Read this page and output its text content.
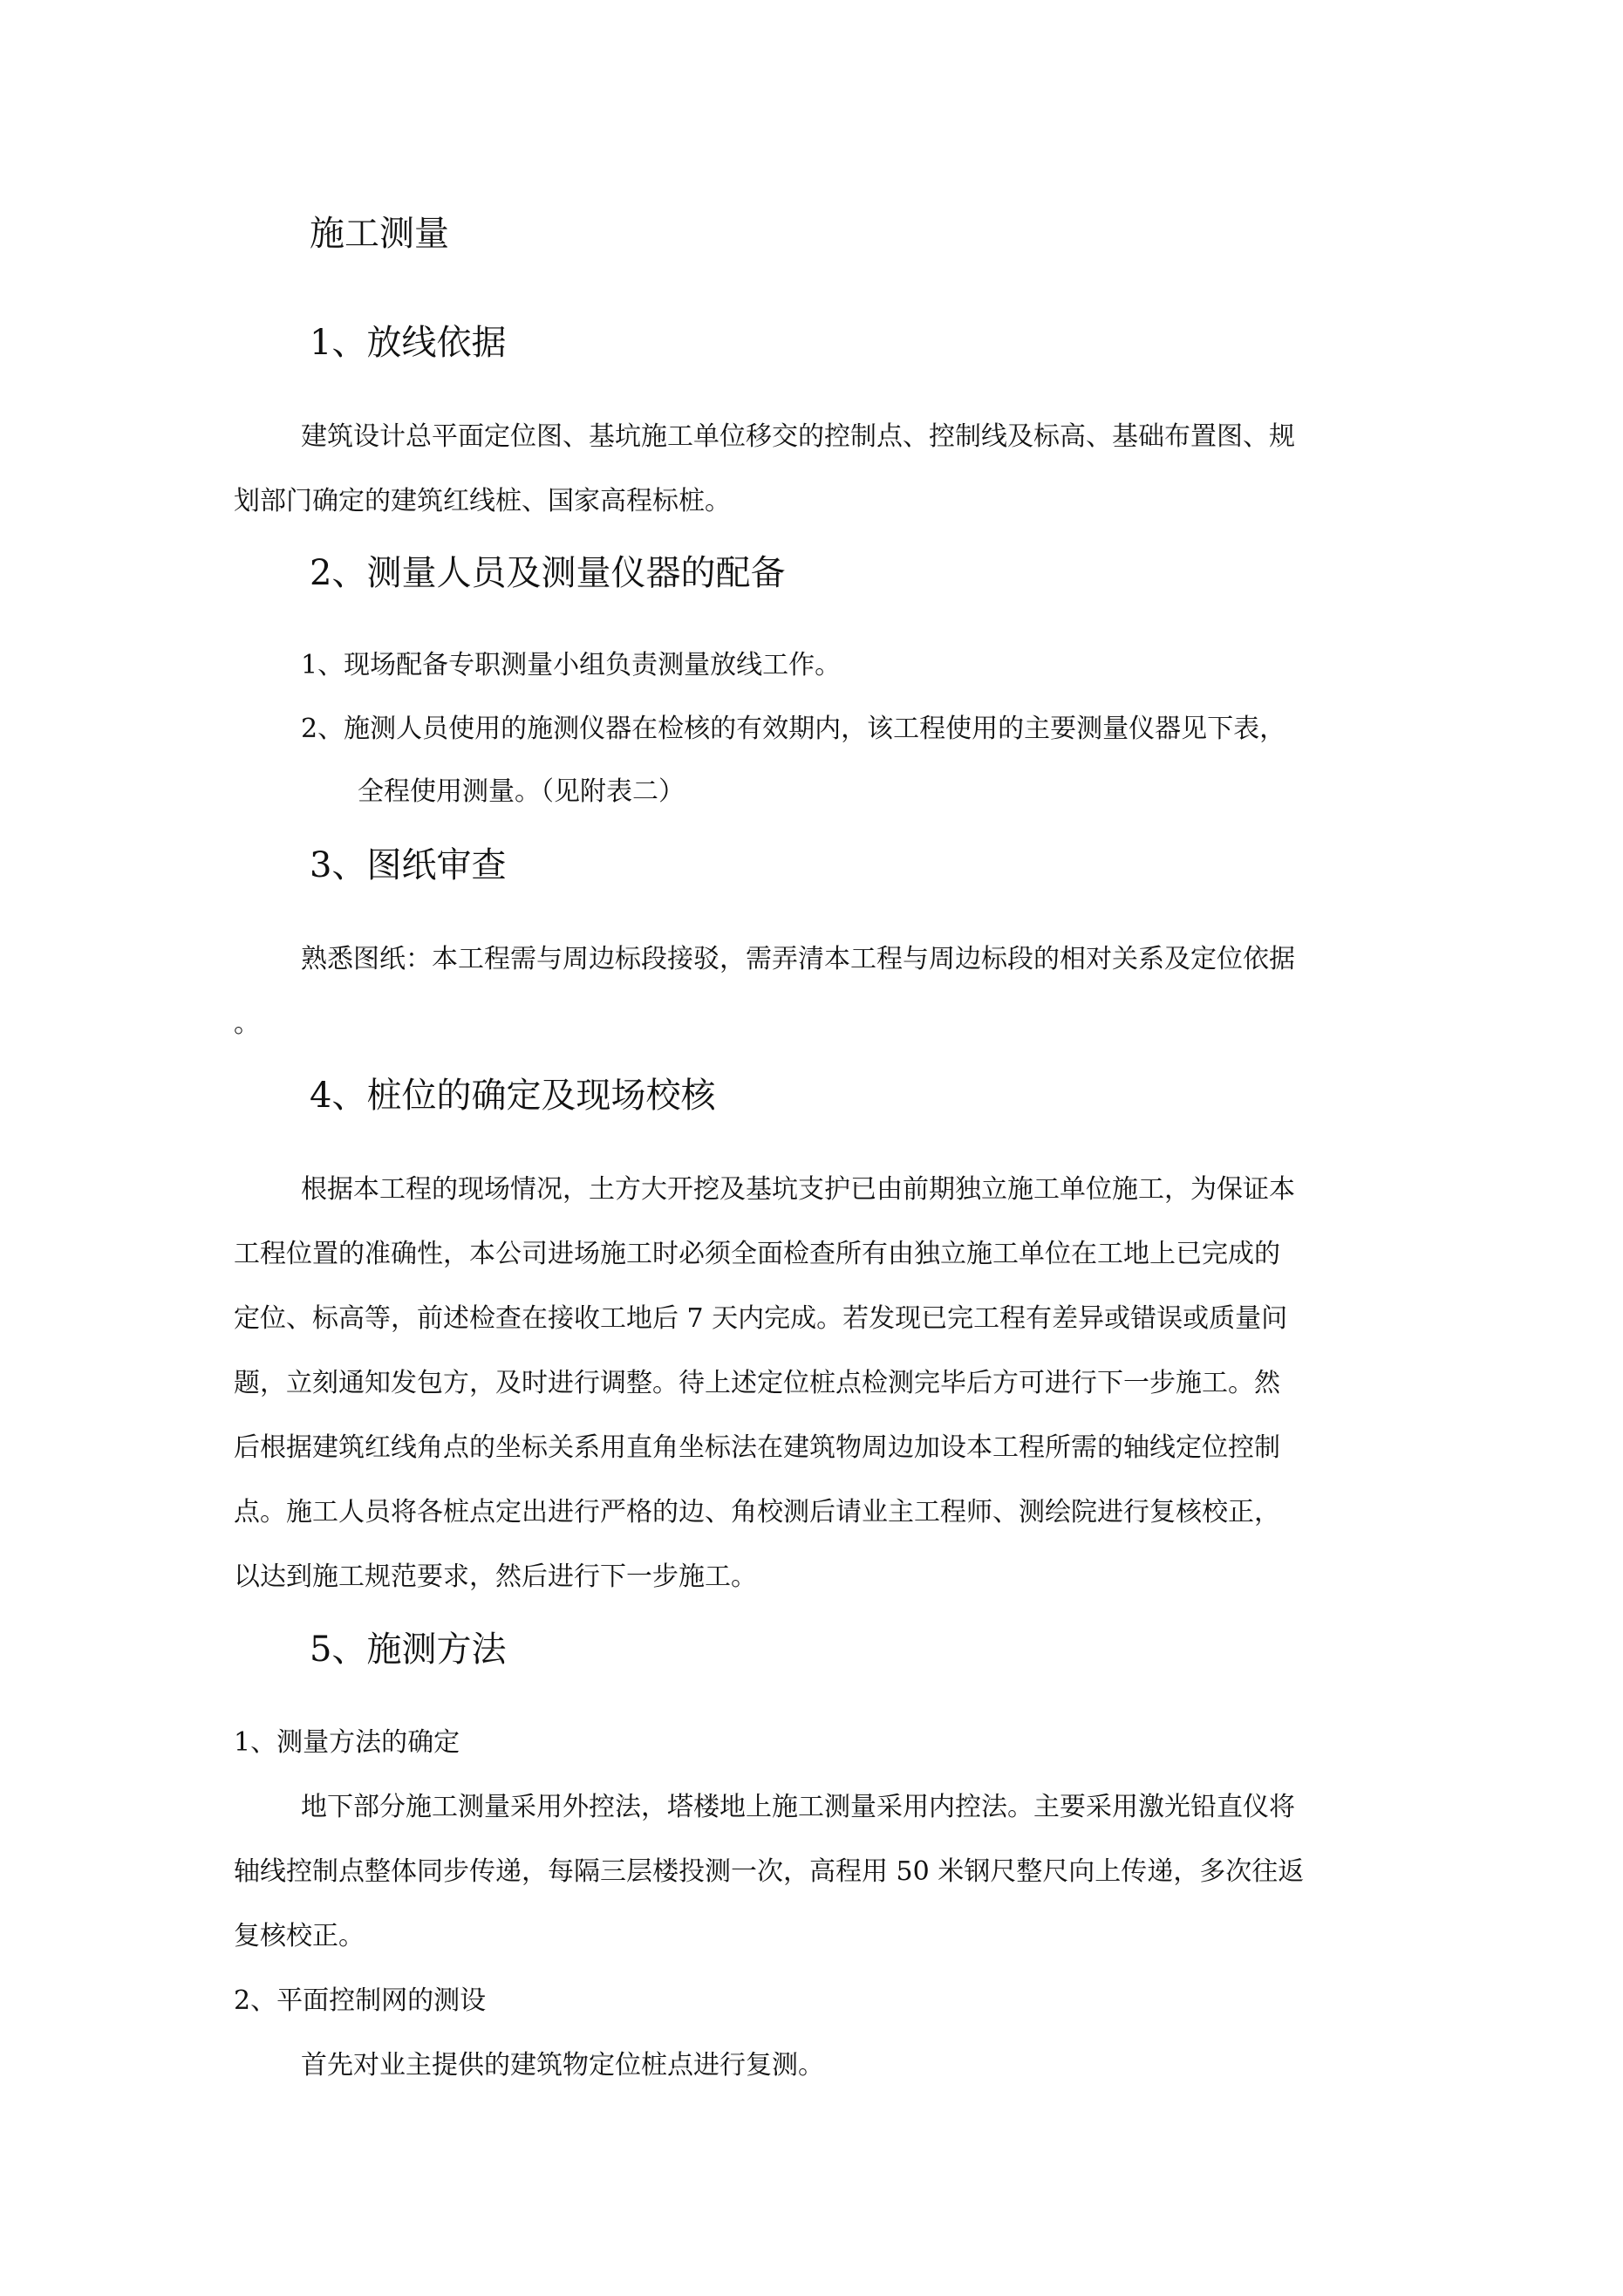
施工测量
1、放线依据
建筑设计总平面定位图、基坑施工单位移交的控制点、控制线及标高、基础布置图、规
划部门确定的建筑红线桩、国家高程标桩。
2、测量人员及测量仪器的配备
1、现场配备专职测量小组负责测量放线工作。
2、施测人员使用的施测仪器在检核的有效期内，该工程使用的主要测量仪器见下表，
全程使用测量。（见附表二）
3、图纸审查
熟悉图纸：本工程需与周边标段接驳，需弄清本工程与周边标段的相对关系及定位依据
。
4、桩位的确定及现场校核
根据本工程的现场情况，土方大开挖及基坑支护已由前期独立施工单位施工，为保证本
工程位置的准确性，本公司进场施工时必须全面检查所有由独立施工单位在工地上已完成的
定位、标高等，前述检查在接收工地后 7 天内完成。若发现已完工程有差异或错误或质量问
题，立刻通知发包方，及时进行调整。待上述定位桩点检测完毕后方可进行下一步施工。然
后根据建筑红线角点的坐标关系用直角坐标法在建筑物周边加设本工程所需的轴线定位控制
点。施工人员将各桩点定出进行严格的边、角校测后请业主工程师、测绘院进行复核校正，
以达到施工规范要求，然后进行下一步施工。
5、施测方法
1、测量方法的确定
地下部分施工测量采用外控法，塔楼地上施工测量采用内控法。主要采用激光铅直仪将
轴线控制点整体同步传递，每隔三层楼投测一次，高程用 50 米钢尺整尺向上传递，多次往返
复核校正。
2、平面控制网的测设
首先对业主提供的建筑物定位桩点进行复测。
